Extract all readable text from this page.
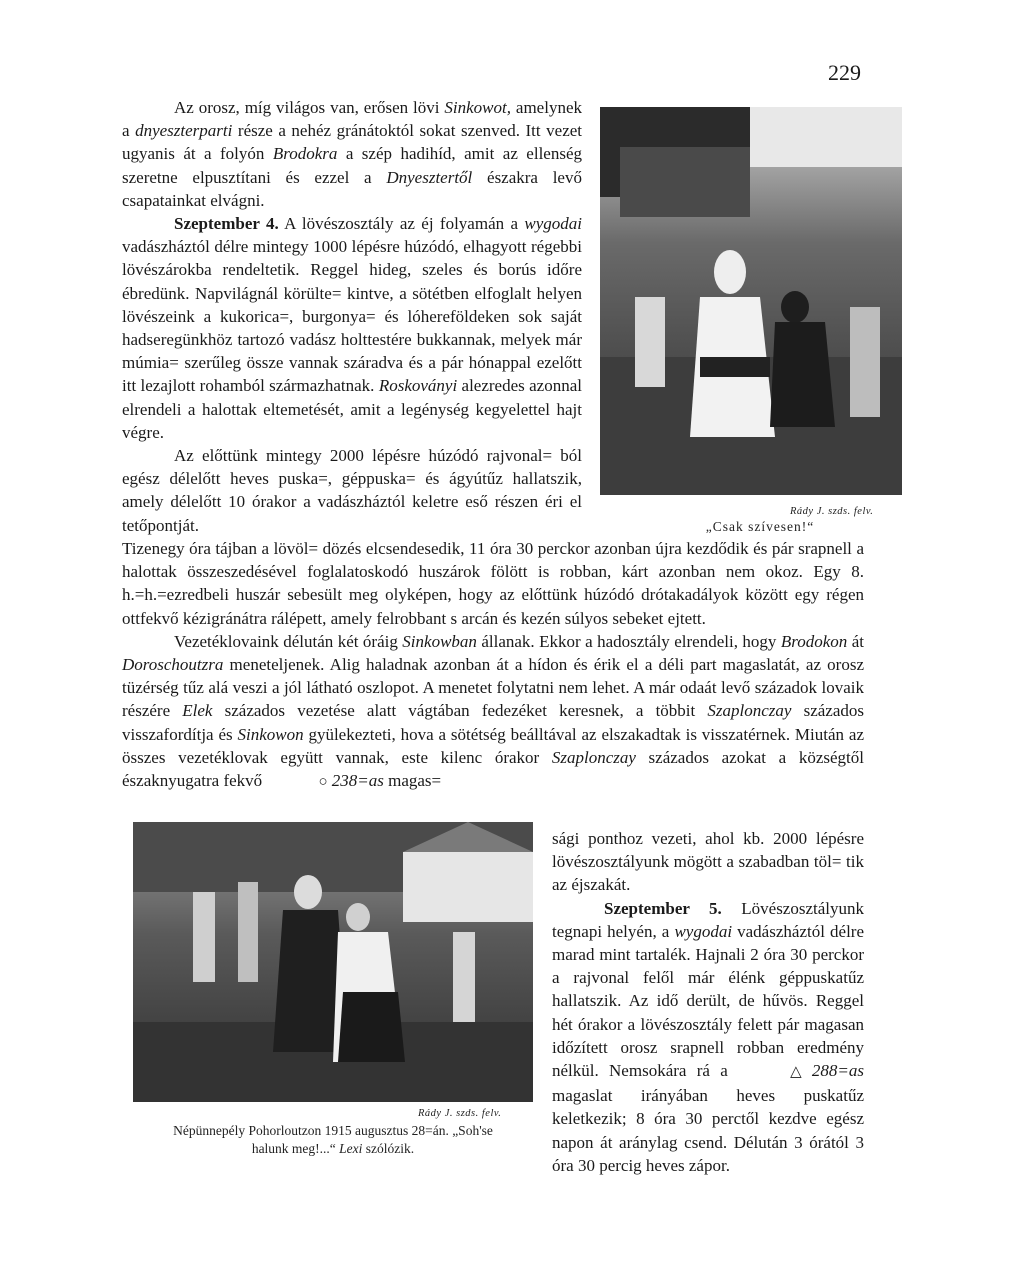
229
Rády J. szds. felv.
„Csak szívesen!“

Az orosz, míg világos van, erősen lövi Sinkowot, amelynek a dnyeszterparti része a nehéz gránátoktól sokat szenved. Itt vezet ugyanis át a folyón Brodokra a szép hadihíd, amit az ellenség szeretne elpusztítani és ezzel a Dnyesztertől északra levő csapatainkat elvágni.

Szeptember 4. A lövészosztály az éj folyamán a wygodai vadászháztól délre mintegy 1000 lépésre húzódó, elhagyott régebbi lövészárokba rendeltetik. Reggel hideg, szeles és borús időre ébredünk. Napvilágnál körülte= kintve, a sötétben elfoglalt helyen lövészeink a kukorica=, burgonya= és lóhereföldeken sok saját hadseregünkhöz tartozó vadász holttestére bukkannak, melyek már múmia= szerűleg össze vannak száradva és a pár hónappal ezelőtt itt lezajlott rohamból származhatnak. Roskoványi alezredes azonnal elrendeli a halottak eltemetését, amit a legénység kegyelettel hajt végre.

Az előttünk mintegy 2000 lépésre húzódó rajvonal= ból egész délelőtt heves puska=, géppuska= és ágyútűz hallatszik, amely délelőtt 10 órakor a vadászháztól keletre eső részen éri el tetőpontját.

Tizenegy óra tájban a lövöl= dözés elcsendesedik, 11 óra 30 perckor azonban újra kezdődik és pár srapnell a halottak összeszedésével foglalatoskodó huszárok fölött is robban, kárt azonban nem okoz. Egy 8. h.=h.=ezredbeli huszár sebesült meg olyképen, hogy az előttünk húzódó drótakadályok között egy régen ottfekvő kézigránátra rálépett, amely felrobbant s arcán és kezén súlyos sebeket ejtett.

Vezetéklovaink délután két óráig Sinkowban állanak. Ekkor a hadosztály elrendeli, hogy Brodokon át Doroschoutzra meneteljenek. Alig haladnak azonban át a hídon és érik el a déli part magaslatát, az orosz tüzérség tűz alá veszi a jól látható oszlopot. A menetet folytatni nem lehet. A már odaát levő századok lovaik részére Elek százados vezetése alatt vágtában fedezéket keresnek, a többit Szaplonczay százados visszafordítja és Sinkowon gyülekezteti, hova a sötétség beálltával az elszakadtak is visszatérnek. Miután az összes vezetéklovak együtt vannak, este kilenc órakor Szaplonczay százados azokat a községtől északnyugatra fekvő	○ 238=as magas=

Rády J. szds. felv.
Népünnepély Pohorloutzon 1915 augusztus 28=án. „Soh'se
halunk meg!...“ Lexi szólózik.

sági ponthoz vezeti, ahol kb. 2000 lépésre lövészosztályunk mögött a szabadban töl= tik az éjszakát.

Szeptember 5. Lövészosztályunk tegnapi helyén, a wygodai vadászháztól délre marad mint tartalék. Hajnali 2 óra 30 perckor a rajvonal felől már élénk géppuskatűz hallatszik. Az idő derült, de hűvös. Reggel hét órakor a lövészosztály felett pár magasan időzített orosz srapnell robban eredmény nélkül. Nemsokára rá a	△ 288=as magaslat irányában heves puskatűz keletkezik; 8 óra 30 perctől kezdve egész napon át aránylag csend. Délután 3 órától 3 óra 30 percig heves zápor.
